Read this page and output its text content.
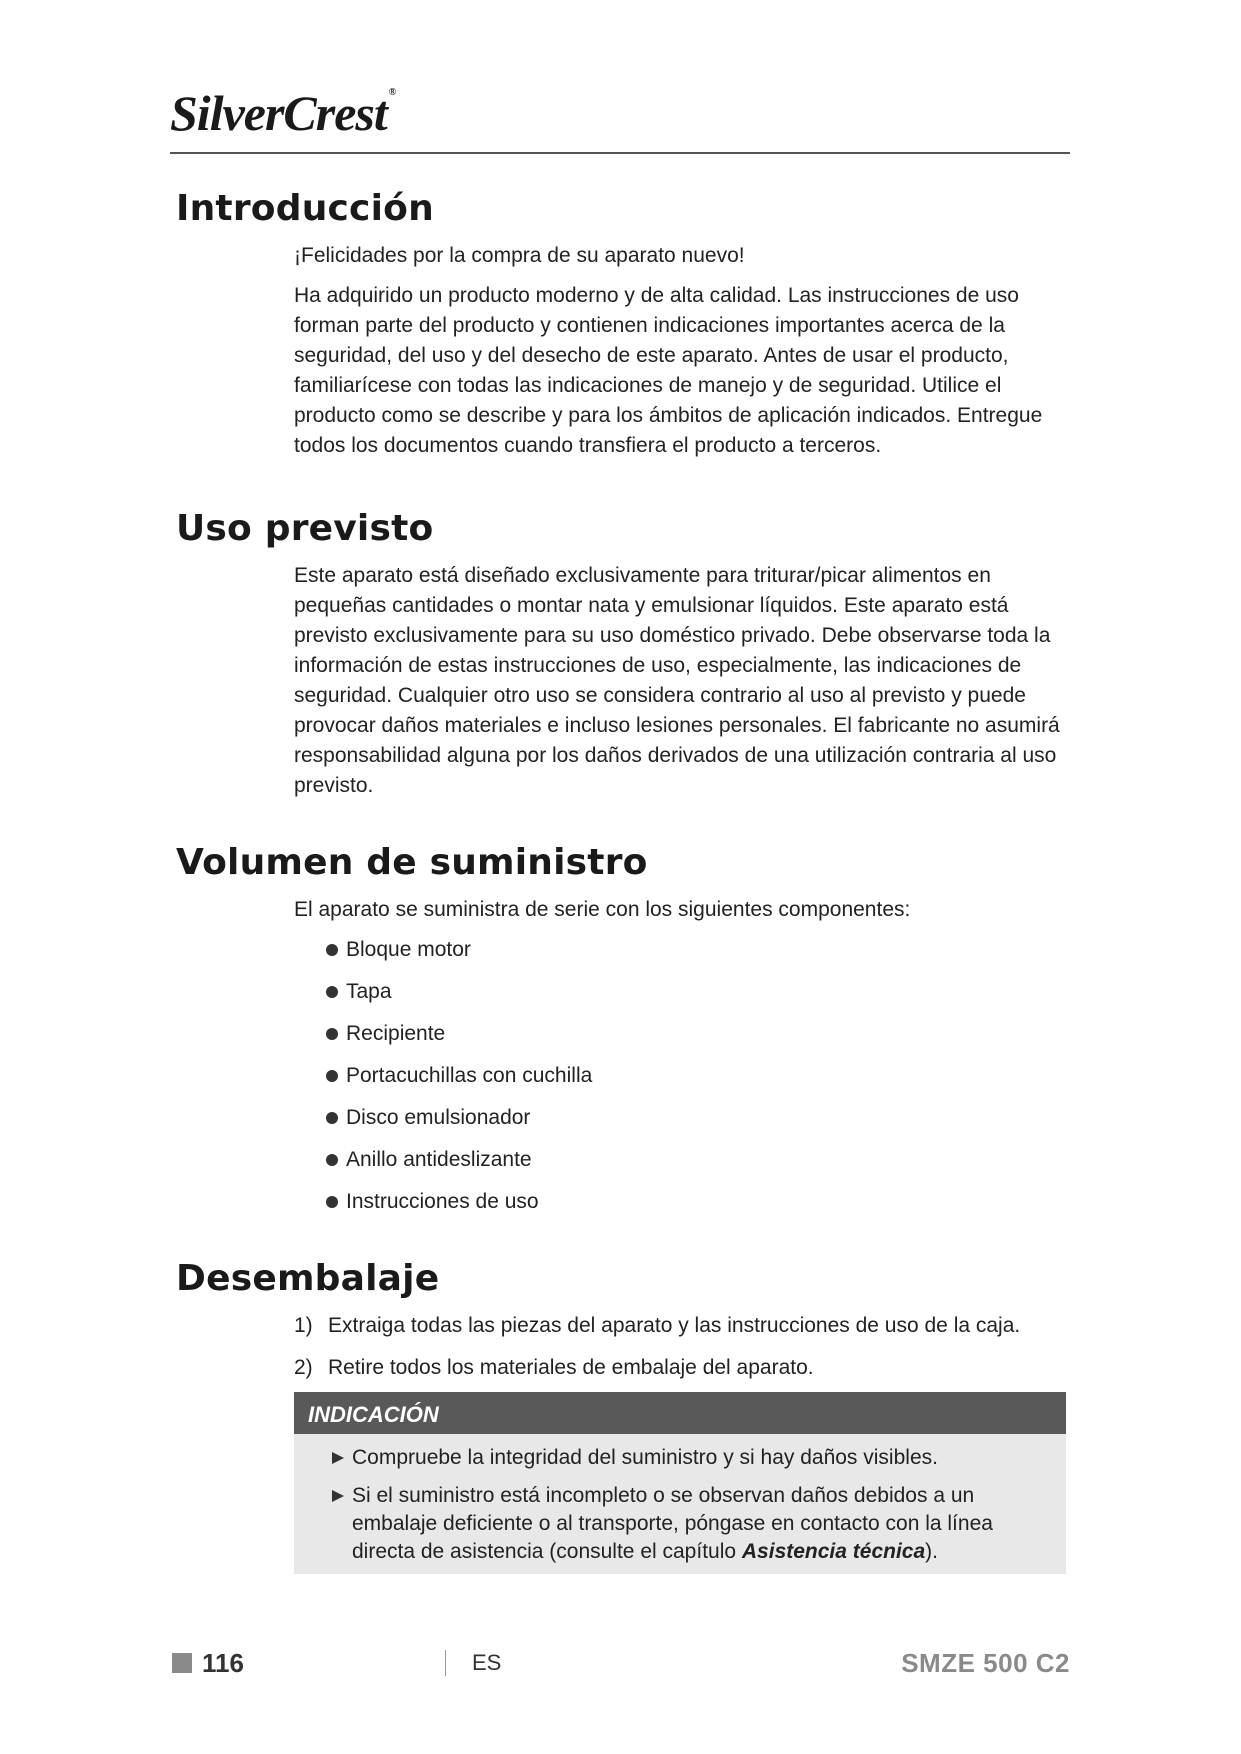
SilverCrest ®
Introducción

¡Felicidades por la compra de su aparato nuevo!

Ha adquirido un producto moderno y de alta calidad. Las instrucciones de uso forman parte del producto y contienen indicaciones importantes acerca de la seguridad, del uso y del desecho de este aparato. Antes de usar el producto, familiarícese con todas las indicaciones de manejo y de seguridad. Utilice el producto como se describe y para los ámbitos de aplicación indicados. Entregue todos los documentos cuando transfiera el producto a terceros.

Uso previsto

Este aparato está diseñado exclusivamente para triturar/picar alimentos en pequeñas cantidades o montar nata y emulsionar líquidos. Este aparato está previsto exclusivamente para su uso doméstico privado. Debe observarse toda la información de estas instrucciones de uso, especialmente, las indicaciones de seguridad. Cualquier otro uso se considera contrario al uso al previsto y puede provocar daños materiales e incluso lesiones personales. El fabricante no asumirá responsabilidad alguna por los daños derivados de una utilización contraria al uso previsto.

Volumen de suministro

El aparato se suministra de serie con los siguientes componentes:

Bloque motor
Tapa
Recipiente
Portacuchillas con cuchilla
Disco emulsionador
Anillo antideslizante
Instrucciones de uso
Desembalaje
1) Extraiga todas las piezas del aparato y las instrucciones de uso de la caja.
2) Retire todos los materiales de embalaje del aparato.
INDICACIÓN
Compruebe la integridad del suministro y si hay daños visibles.
Si el suministro está incompleto o se observan daños debidos a un embalaje deficiente o al transporte, póngase en contacto con la línea directa de asistencia (consulte el capítulo Asistencia técnica).
116	ES	SMZE 500 C2
